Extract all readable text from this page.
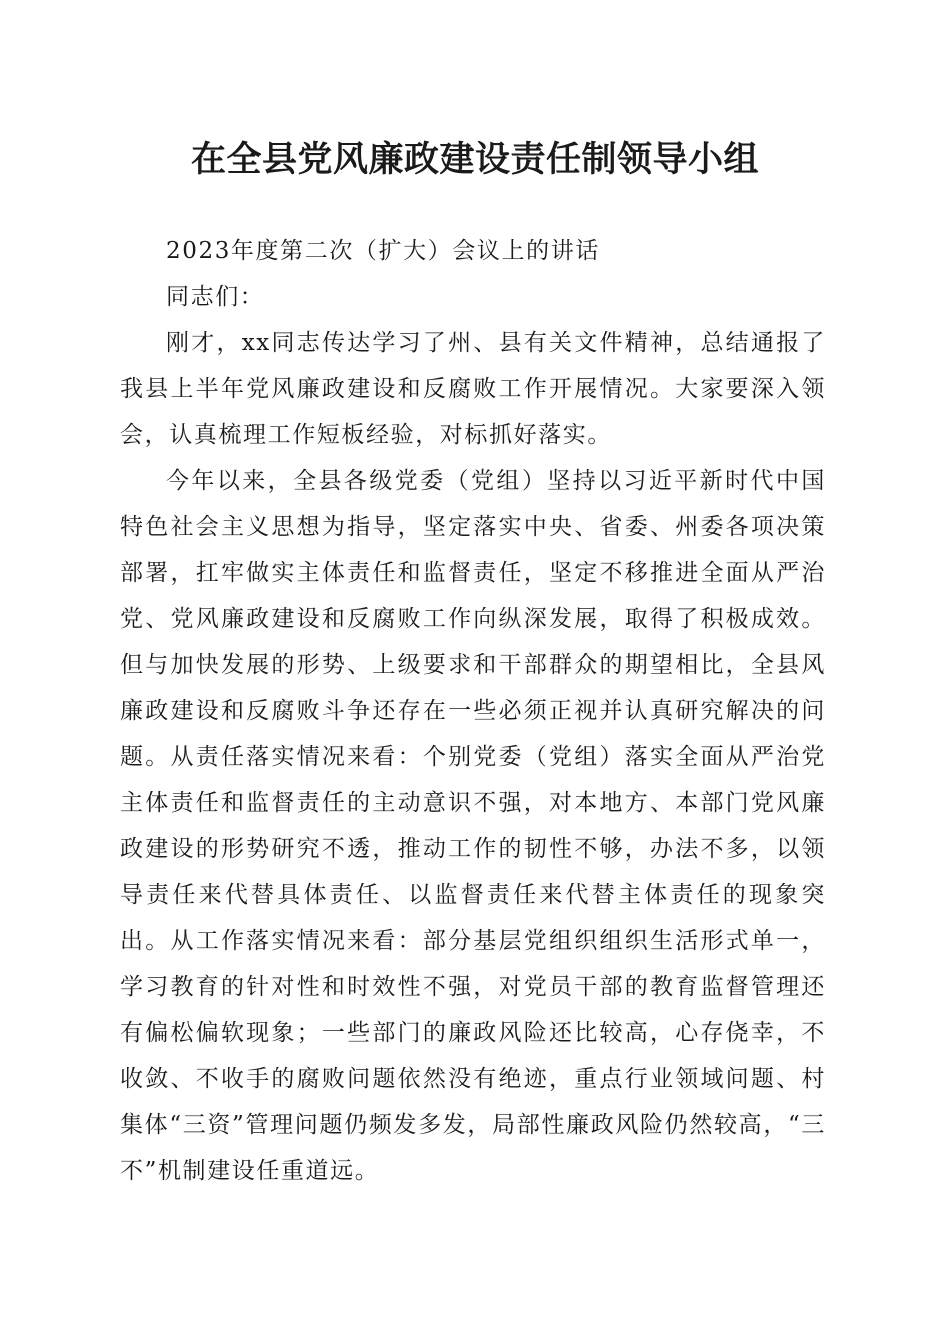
在全县党风廉政建设责任制领导小组

2023年度第二次（扩大）会议上的讲话

同志们：

刚才，xx同志传达学习了州、县有关文件精神，总结通报了我县上半年党风廉政建设和反腐败工作开展情况。大家要深入领会，认真梳理工作短板经验，对标抓好落实。

今年以来，全县各级党委（党组）坚持以习近平新时代中国特色社会主义思想为指导，坚定落实中央、省委、州委各项决策部署，扛牢做实主体责任和监督责任，坚定不移推进全面从严治党、党风廉政建设和反腐败工作向纵深发展，取得了积极成效。但与加快发展的形势、上级要求和干部群众的期望相比，全县风廉政建设和反腐败斗争还存在一些必须正视并认真研究解决的问题。从责任落实情况来看：个别党委（党组）落实全面从严治党主体责任和监督责任的主动意识不强，对本地方、本部门党风廉政建设的形势研究不透，推动工作的韧性不够，办法不多，以领导责任来代替具体责任、以监督责任来代替主体责任的现象突出。从工作落实情况来看：部分基层党组织组织生活形式单一，学习教育的针对性和时效性不强，对党员干部的教育监督管理还有偏松偏软现象；一些部门的廉政风险还比较高，心存侥幸，不收敛、不收手的腐败问题依然没有绝迹，重点行业领域问题、村集体“三资”管理问题仍频发多发，局部性廉政风险仍然较高，“三不”机制建设任重道远。
